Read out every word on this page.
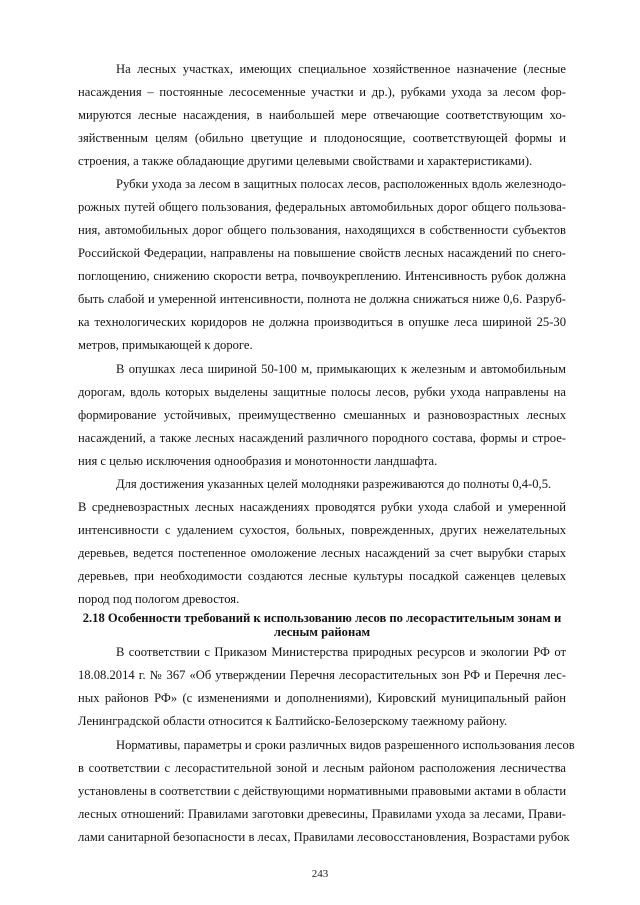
На лесных участках, имеющих специальное хозяйственное назначение (лесные
насаждения – постоянные лесосеменные участки и др.), рубками ухода за лесом фор-
мируются лесные насаждения, в наибольшей мере отвечающие соответствующим хо-
зяйственным целям (обильно цветущие и плодоносящие, соответствующей формы и
строения, а также обладающие другими целевыми свойствами и характеристиками).
Рубки ухода за лесом в защитных полосах лесов, расположенных вдоль железнодо-
рожных путей общего пользования, федеральных автомобильных дорог общего пользова-
ния, автомобильных дорог общего пользования, находящихся в собственности субъектов
Российской Федерации, направлены на повышение свойств лесных насаждений по снего-
поглощению, снижению скорости ветра, почвоукреплению. Интенсивность рубок должна
быть слабой и умеренной интенсивности, полнота не должна снижаться ниже 0,6. Разруб-
ка технологических коридоров не должна производиться в опушке леса шириной 25-30
метров, примыкающей к дороге.
В опушках леса шириной 50-100 м, примыкающих к железным и автомобильным
дорогам, вдоль которых выделены защитные полосы лесов, рубки ухода направлены на
формирование устойчивых, преимущественно смешанных и разновозрастных лесных
насаждений, а также лесных насаждений различного породного состава, формы и строе-
ния с целью исключения однообразия и монотонности ландшафта.
Для достижения указанных целей молодняки разреживаются до полноты 0,4-0,5.
В средневозрастных лесных насаждениях проводятся рубки ухода слабой и умеренной
интенсивности с удалением сухостоя, больных, поврежденных, других нежелательных
деревьев, ведется постепенное омоложение лесных насаждений за счет вырубки старых
деревьев, при необходимости создаются лесные культуры посадкой саженцев целевых
пород под пологом древостоя.
2.18 Особенности требований к использованию лесов по лесорастительным зонам и
лесным районам
В соответствии с Приказом Министерства природных ресурсов и экологии РФ от
18.08.2014 г. № 367 «Об утверждении Перечня лесорастительных зон РФ и Перечня лес-
ных районов РФ» (с изменениями и дополнениями), Кировский муниципальный район
Ленинградской области относится к Балтийско-Белозерскому таежному району.
Нормативы, параметры и сроки различных видов разрешенного использования лесов
в соответствии с лесорастительной зоной и лесным районом расположения лесничества
установлены в соответствии с действующими нормативными правовыми актами в области
лесных отношений: Правилами заготовки древесины, Правилами ухода за лесами, Прави-
лами санитарной безопасности в лесах, Правилами лесовосстановления, Возрастами рубок
243
